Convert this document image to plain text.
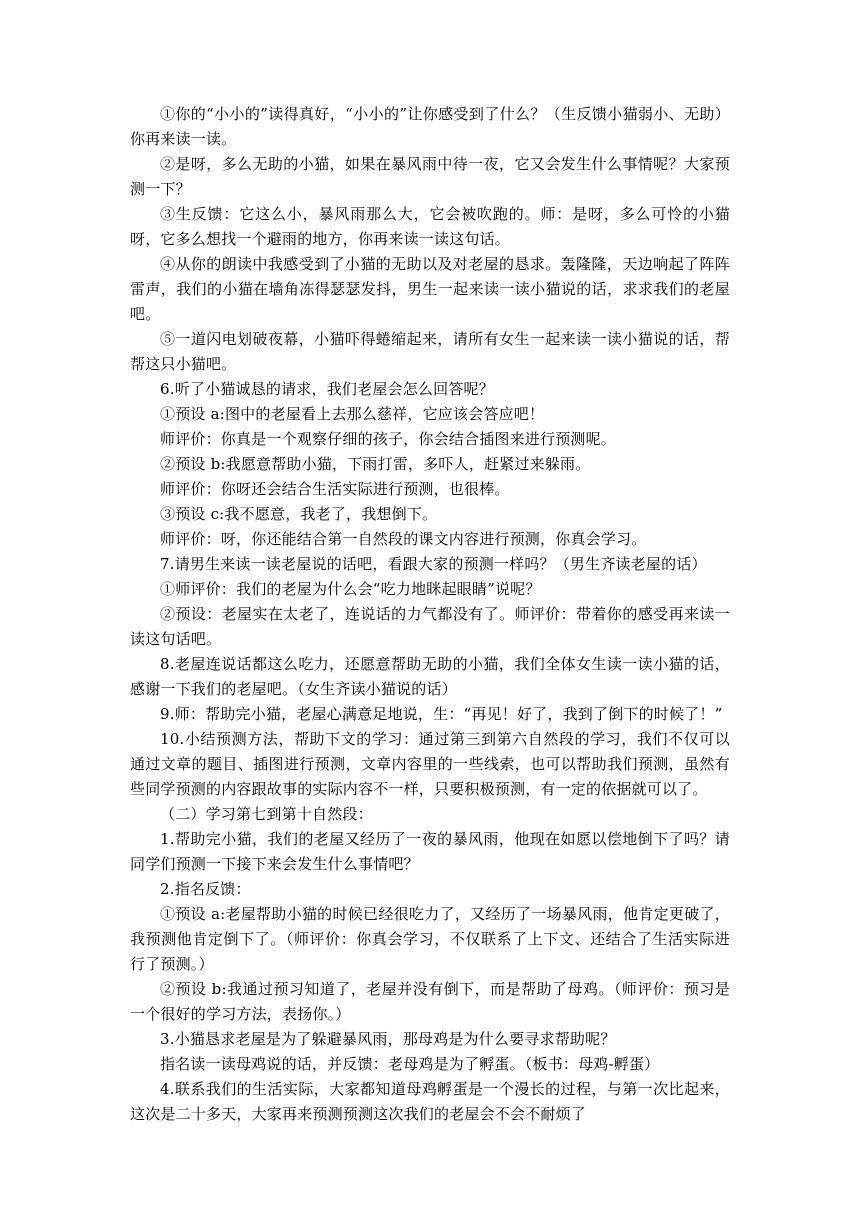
①你的“小小的”读得真好，“小小的”让你感受到了什么？（生反馈小猫弱小、无助）你再来读一读。

②是呀，多么无助的小猫，如果在暴风雨中待一夜，它又会发生什么事情呢？大家预测一下？

③生反馈：它这么小，暴风雨那么大，它会被吹跑的。师：是呀，多么可怜的小猫呀，它多么想找一个避雨的地方，你再来读一读这句话。

④从你的朗读中我感受到了小猫的无助以及对老屋的恳求。轰隆隆，天边响起了阵阵雷声，我们的小猫在墙角冻得瑟瑟发抖，男生一起来读一读小猫说的话，求求我们的老屋吧。

⑤一道闪电划破夜幕，小猫吓得蜷缩起来，请所有女生一起来读一读小猫说的话，帮帮这只小猫吧。

6.听了小猫诚恳的请求，我们老屋会怎么回答呢？

①预设 a:图中的老屋看上去那么慈祥，它应该会答应吧！

师评价：你真是一个观察仔细的孩子，你会结合插图来进行预测呢。

②预设 b:我愿意帮助小猫，下雨打雷，多吓人，赶紧过来躲雨。

师评价：你呀还会结合生活实际进行预测，也很棒。

③预设 c:我不愿意，我老了，我想倒下。

师评价：呀，你还能结合第一自然段的课文内容进行预测，你真会学习。

7.请男生来读一读老屋说的话吧，看跟大家的预测一样吗？（男生齐读老屋的话）

①师评价：我们的老屋为什么会“吃力地眯起眼睛”说呢？

②预设：老屋实在太老了，连说话的力气都没有了。师评价：带着你的感受再来读一读这句话吧。

8.老屋连说话都这么吃力，还愿意帮助无助的小猫，我们全体女生读一读小猫的话，感谢一下我们的老屋吧。（女生齐读小猫说的话）

9.师：帮助完小猫，老屋心满意足地说，生：“再见！好了，我到了倒下的时候了！”

10.小结预测方法，帮助下文的学习：通过第三到第六自然段的学习，我们不仅可以通过文章的题目、插图进行预测，文章内容里的一些线索，也可以帮助我们预测，虽然有些同学预测的内容跟故事的实际内容不一样，只要积极预测，有一定的依据就可以了。

（二）学习第七到第十自然段：

1.帮助完小猫，我们的老屋又经历了一夜的暴风雨，他现在如愿以偿地倒下了吗？请同学们预测一下接下来会发生什么事情吧？

2.指名反馈：

①预设 a:老屋帮助小猫的时候已经很吃力了，又经历了一场暴风雨，他肯定更破了，我预测他肯定倒下了。（师评价：你真会学习，不仅联系了上下文、还结合了生活实际进行了预测。）

②预设 b:我通过预习知道了，老屋并没有倒下，而是帮助了母鸡。（师评价：预习是一个很好的学习方法，表扬你。）

3.小猫恳求老屋是为了躲避暴风雨，那母鸡是为什么要寻求帮助呢？

指名读一读母鸡说的话，并反馈：老母鸡是为了孵蛋。（板书：母鸡-孵蛋）

4.联系我们的生活实际，大家都知道母鸡孵蛋是一个漫长的过程，与第一次比起来，这次是二十多天，大家再来预测预测这次我们的老屋会不会不耐烦了
